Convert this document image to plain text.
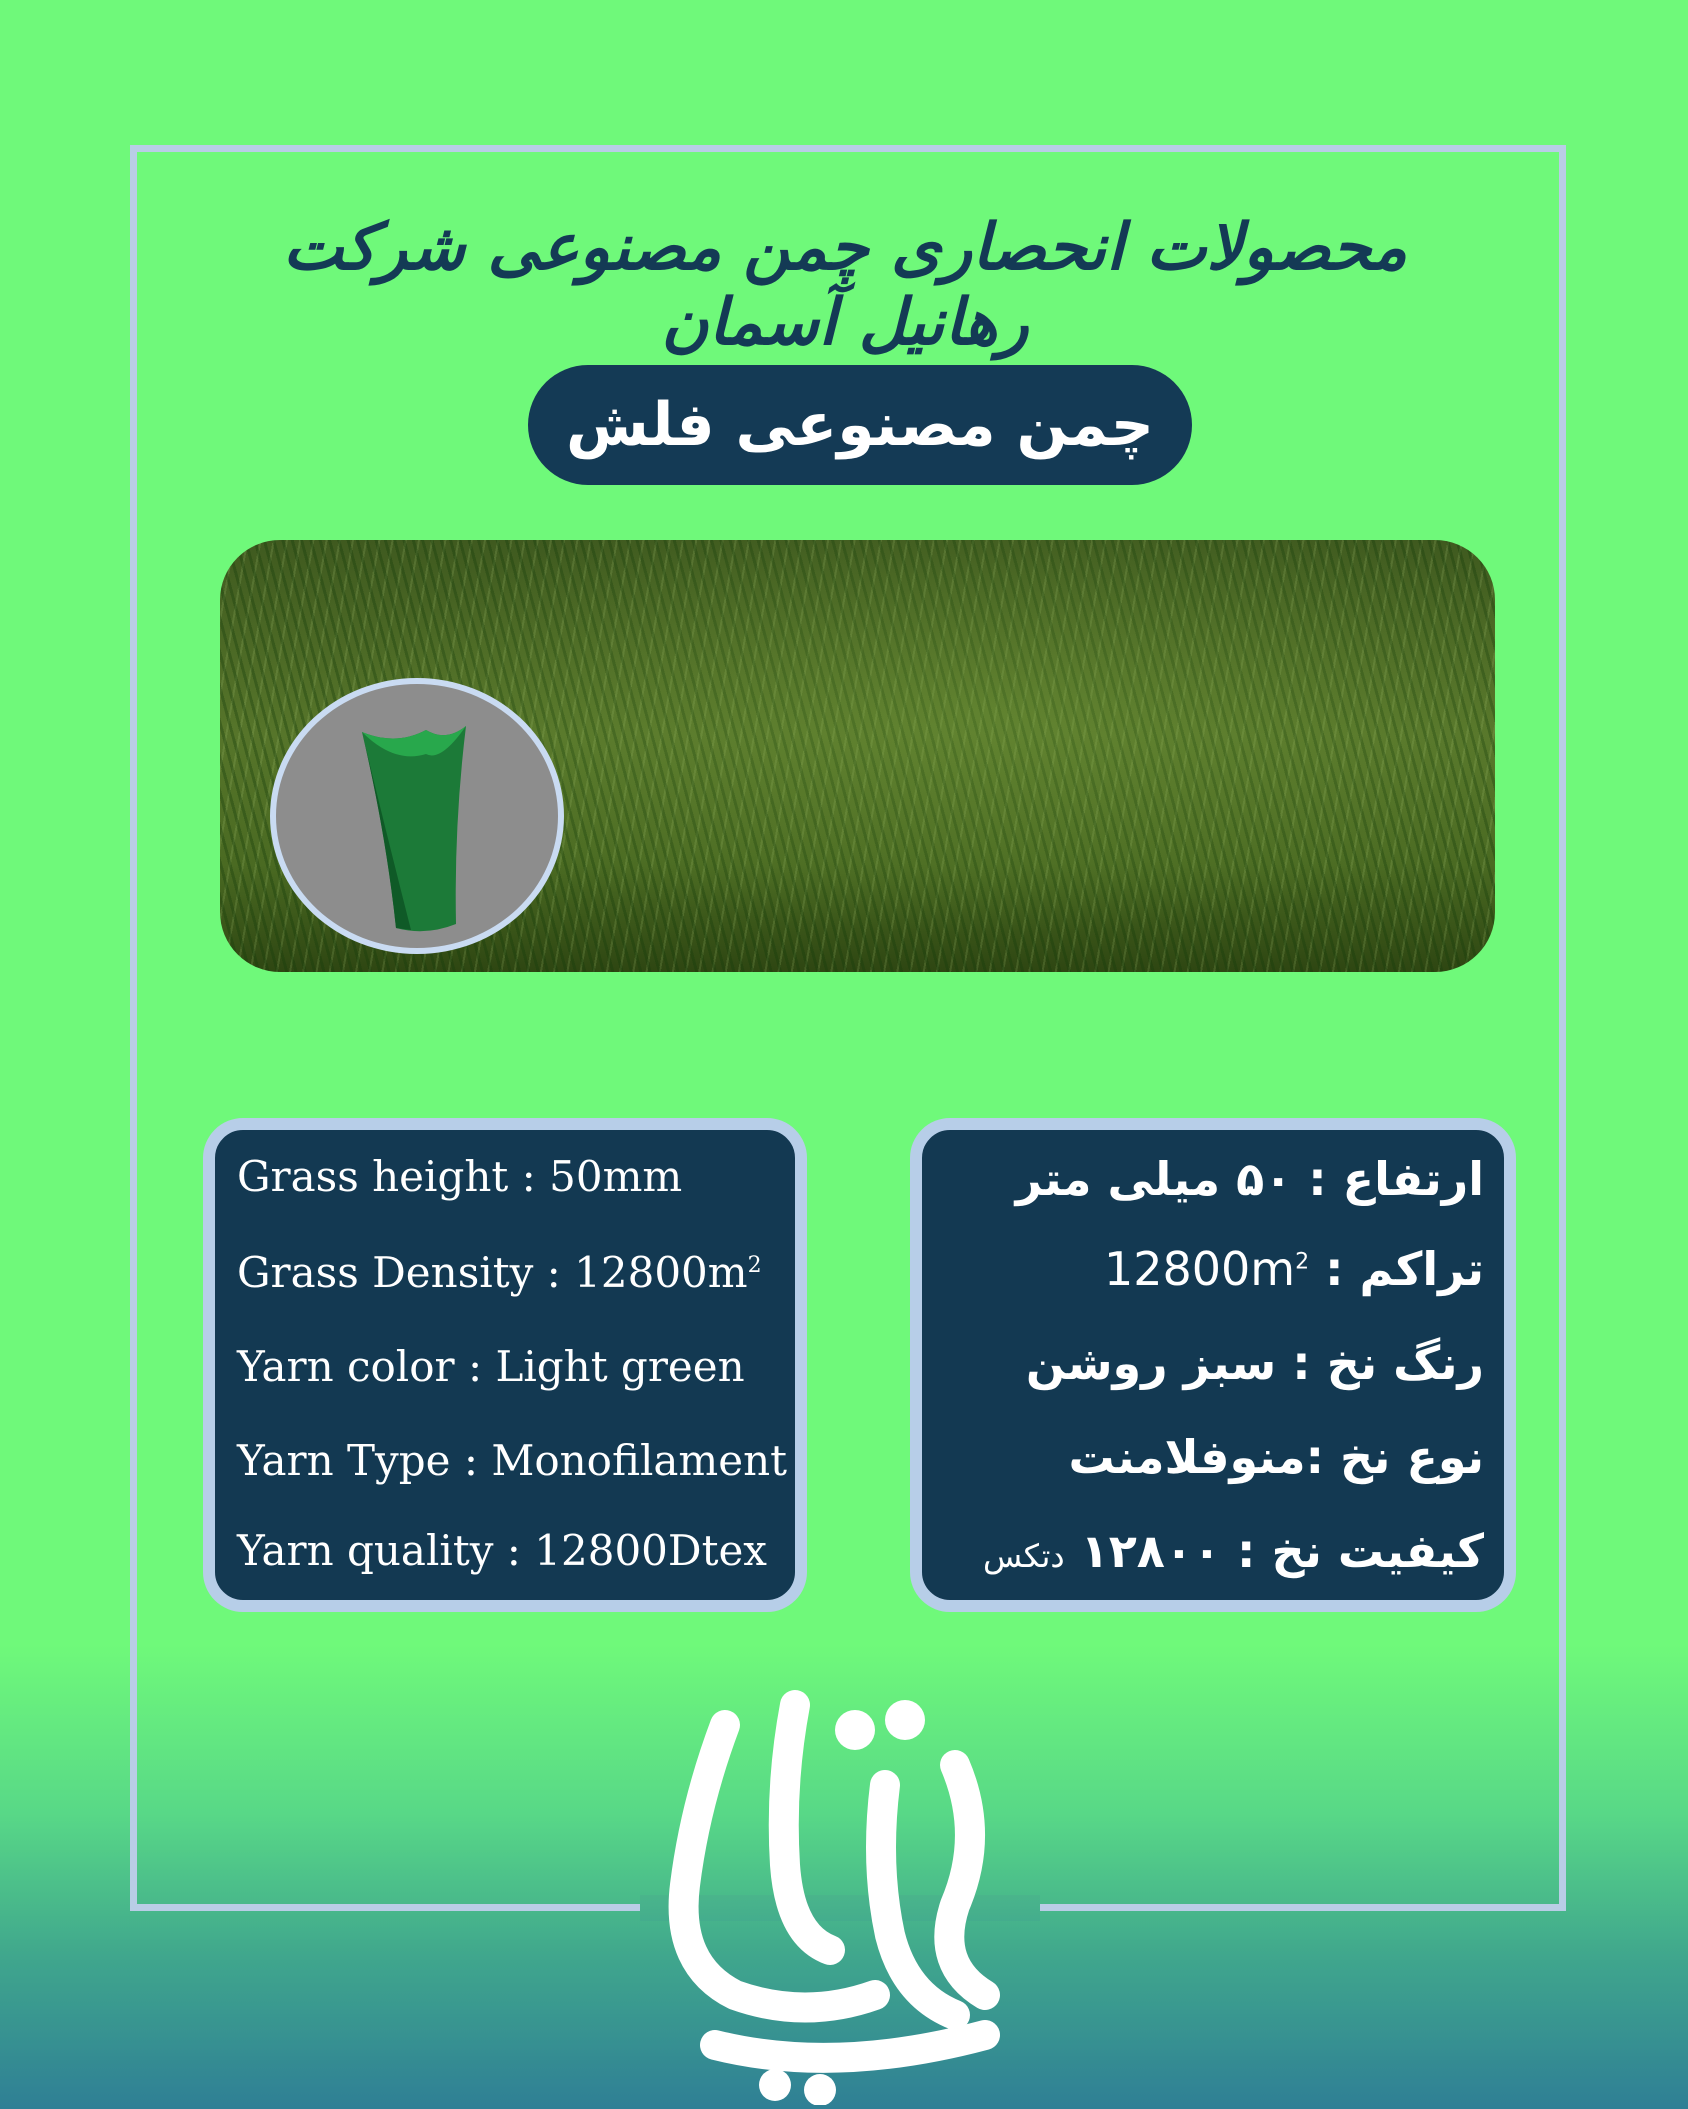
محصولات انحصاری چمن مصنوعی شرکت رهانیل آسمان
چمن مصنوعی فلش
Grass height : 50mm
Grass Density : $12800m^2$
Yarn color : Light green
Yarn Type : Monofilament
Yarn quality : 12800Dtex
ارتفاع : ۵۰ میلی متر
تراکم : $12800m^2$
رنگ نخ : سبز روشن
نوع نخ :منوفلامنت
کیفیت نخ : ۱۲۸۰۰ دتکس
